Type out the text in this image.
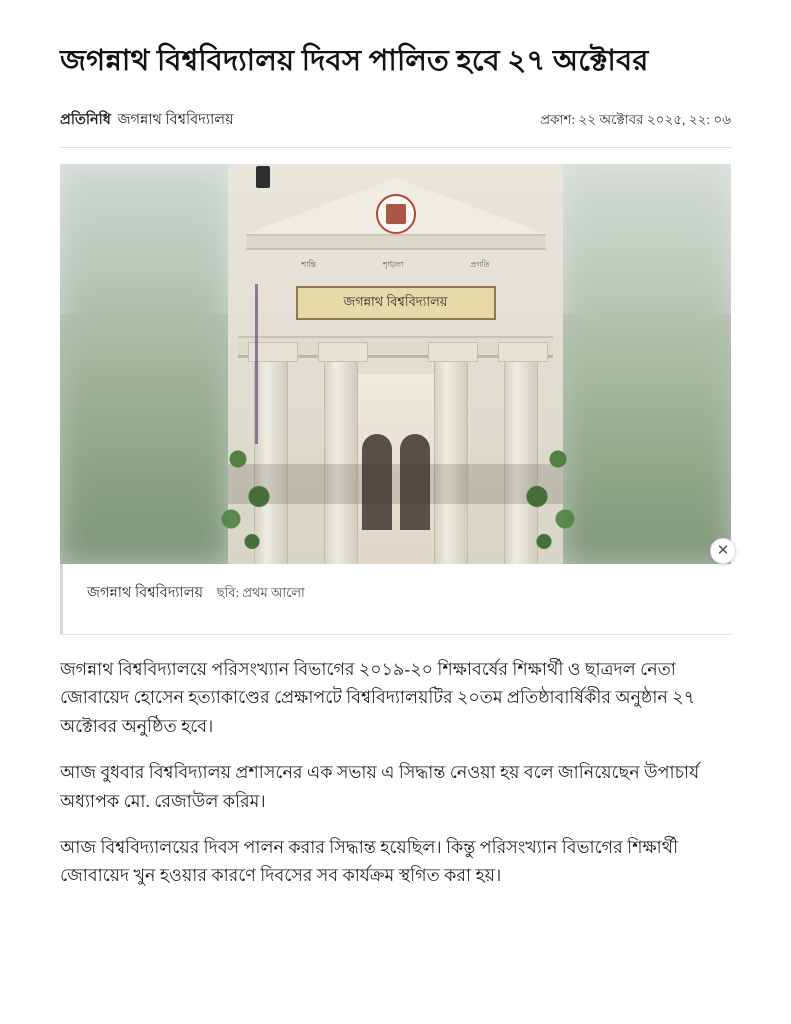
জগন্নাথ বিশ্ববিদ্যালয় দিবস পালিত হবে ২৭ অক্টোবর
প্রতিনিধি জগন্নাথ বিশ্ববিদ্যালয়	প্রকাশ: ২২ অক্টোবর ২০২৫, ২২: ০৬
শান্তি	শৃঙ্খলা	প্রগতি
জগন্নাথ বিশ্ববিদ্যালয়
✕
জগন্নাথ বিশ্ববিদ্যালয় ছবি: প্রথম আলো

জগন্নাথ বিশ্ববিদ্যালয়ে পরিসংখ্যান বিভাগের ২০১৯-২০ শিক্ষাবর্ষের শিক্ষার্থী ও ছাত্রদল নেতা জোবায়েদ হোসেন হত্যাকাণ্ডের প্রেক্ষাপটে বিশ্ববিদ্যালয়টির ২০তম প্রতিষ্ঠাবার্ষিকীর অনুষ্ঠান ২৭ অক্টোবর অনুষ্ঠিত হবে।

আজ বুধবার বিশ্ববিদ্যালয় প্রশাসনের এক সভায় এ সিদ্ধান্ত নেওয়া হয় বলে জানিয়েছেন উপাচার্য অধ্যাপক মো. রেজাউল করিম।

আজ বিশ্ববিদ্যালয়ের দিবস পালন করার সিদ্ধান্ত হয়েছিল। কিন্তু পরিসংখ্যান বিভাগের শিক্ষার্থী জোবায়েদ খুন হওয়ার কারণে দিবসের সব কার্যক্রম স্থগিত করা হয়।
